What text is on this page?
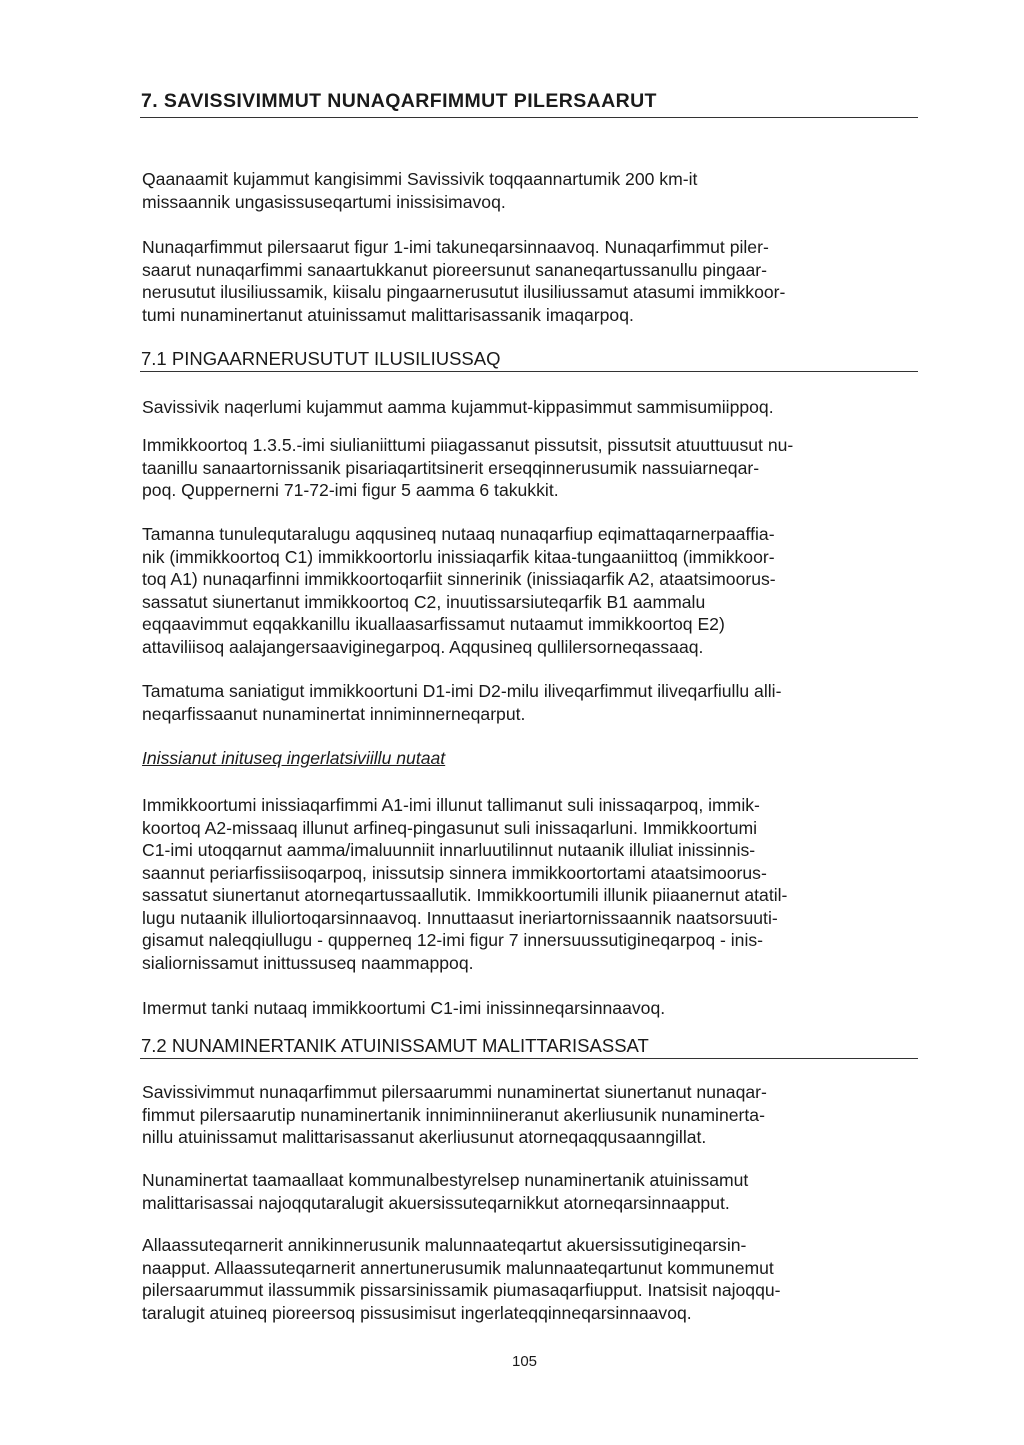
7. SAVISSIVIMMUT NUNAQARFIMMUT PILERSAARUT

Qaanaamit kujammut kangisimmi Savissivik toqqaannartumik 200 km-it
missaannik ungasissuseqartumi inissisimavoq.

Nunaqarfimmut pilersaarut figur 1-imi takuneqarsinnaavoq. Nunaqarfimmut piler-
saarut nunaqarfimmi sanaartukkanut pioreersunut sananeqartussanullu pingaar-
nerusutut ilusiliussamik, kiisalu pingaarnerusutut ilusiliussamut atasumi immikkoor-
tumi nunaminertanut atuinissamut malittarisassanik imaqarpoq.

7.1 PINGAARNERUSUTUT ILUSILIUSSAQ

Savissivik naqerlumi kujammut aamma kujammut-kippasimmut sammisumiippoq.

Immikkoortoq 1.3.5.-imi siulianiittumi piiagassanut pissutsit, pissutsit atuuttuusut nu-
taanillu sanaartornissanik pisariaqartitsinerit erseqqinnerusumik nassuiarneqar-
poq. Quppernerni 71-72-imi figur 5 aamma 6 takukkit.

Tamanna tunulequtaralugu aqqusineq nutaaq nunaqarfiup eqimattaqarnerpaaffia-
nik (immikkoortoq C1) immikkoortorlu inissiaqarfik kitaa-tungaaniittoq (immikkoor-
toq A1) nunaqarfinni immikkoortoqarfiit sinnerinik (inissiaqarfik A2, ataatsimoorus-
sassatut siunertanut immikkoortoq C2, inuutissarsiuteqarfik B1 aammalu
eqqaavimmut eqqakkanillu ikuallaasarfissamut nutaamut immikkoortoq E2)
attaviliisoq aalajangersaaviginegarpoq. Aqqusineq qullilersorneqassaaq.

Tamatuma saniatigut immikkoortuni D1-imi D2-milu iliveqarfimmut iliveqarfiullu alli-
neqarfissaanut nunaminertat inniminnerneqarput.

Inissianut inituseq ingerlatsiviillu nutaat

Immikkoortumi inissiaqarfimmi A1-imi illunut tallimanut suli inissaqarpoq, immik-
koortoq A2-missaaq illunut arfineq-pingasunut suli inissaqarluni. Immikkoortumi
C1-imi utoqqarnut aamma/imaluunniit innarluutilinnut nutaanik illuliat inissinnis-
saannut periarfissiisoqarpoq, inissutsip sinnera immikkoortortami ataatsimoorus-
sassatut siunertanut atorneqartussaallutik. Immikkoortumili illunik piiaanernut atatil-
lugu nutaanik illuliortoqarsinnaavoq. Innuttaasut ineriartornissaannik naatsorsuuti-
gisamut naleqqiullugu - qupperneq 12-imi figur 7 innersuussutigineqarpoq - inis-
sialiornissamut inittussuseq naammappoq.

Imermut tanki nutaaq immikkoortumi C1-imi inissinneqarsinnaavoq.

7.2 NUNAMINERTANIK ATUINISSAMUT MALITTARISASSAT

Savissivimmut nunaqarfimmut pilersaarummi nunaminertat siunertanut nunaqar-
fimmut pilersaarutip nunaminertanik inniminniineranut akerliusunik nunaminerta-
nillu atuinissamut malittarisassanut akerliusunut atorneqaqqusaanngillat.

Nunaminertat taamaallaat kommunalbestyrelsep nunaminertanik atuinissamut
malittarisassai najoqqutaralugit akuersissuteqarnikkut atorneqarsinnaapput.

Allaassuteqarnerit annikinnerusunik malunnaateqartut akuersissutigineqarsin-
naapput. Allaassuteqarnerit annertunerusumik malunnaateqartunut kommunemut
pilersaarummut ilassummik pissarsinissamik piumasaqarfiupput. Inatsisit najoqqu-
taralugit atuineq pioreersoq pissusimisut ingerlateqqinneqarsinnaavoq.

105
